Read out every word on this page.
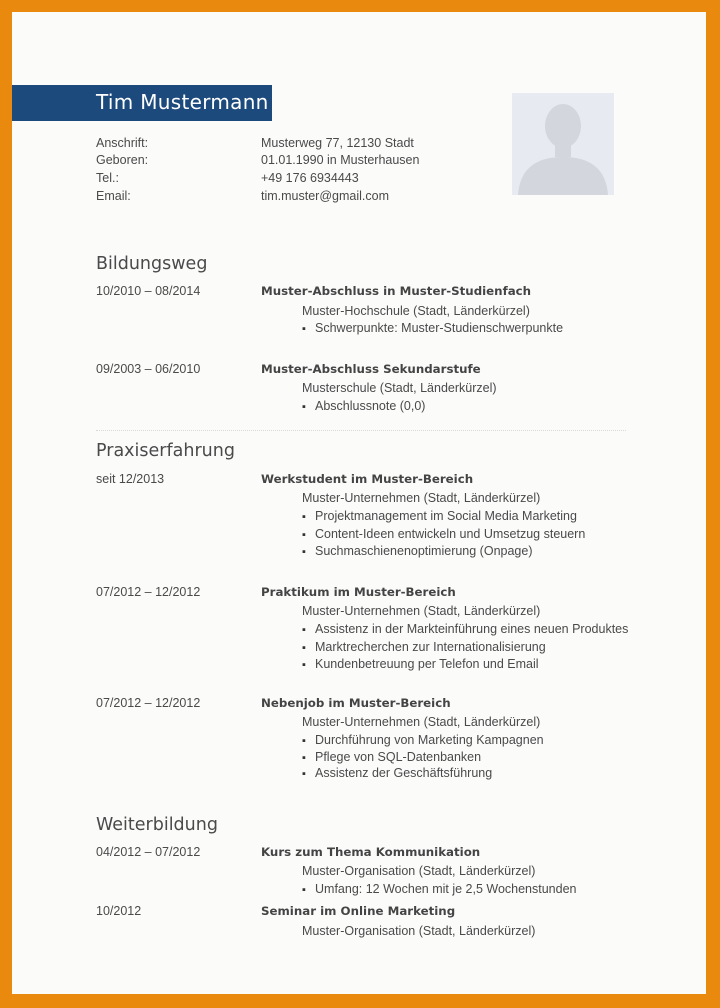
Tim Mustermann
Anschrift:	Musterweg 77, 12130 Stadt
Geboren:	01.01.1990 in Musterhausen
Tel.:	+49 176 6934443
Email:	tim.muster@gmail.com
Bildungsweg
10/2010 – 08/2014	Muster-Abschluss in Muster-Studienfach
Muster-Hochschule (Stadt, Länderkürzel)
▪ Schwerpunkte: Muster-Studienschwerpunkte
09/2003 – 06/2010	Muster-Abschluss Sekundarstufe
Musterschule (Stadt, Länderkürzel)
▪ Abschlussnote (0,0)
Praxiserfahrung
seit 12/2013	Werkstudent im Muster-Bereich
Muster-Unternehmen (Stadt, Länderkürzel)
▪ Projektmanagement im Social Media Marketing
▪ Content-Ideen entwickeln und Umsetzug steuern
▪ Suchmaschienenoptimierung (Onpage)
07/2012 – 12/2012	Praktikum im Muster-Bereich
Muster-Unternehmen (Stadt, Länderkürzel)
▪ Assistenz in der Markteinführung eines neuen Produktes
▪ Marktrecherchen zur Internationalisierung
▪ Kundenbetreuung per Telefon und Email
07/2012 – 12/2012	Nebenjob im Muster-Bereich
Muster-Unternehmen (Stadt, Länderkürzel)
▪ Durchführung von Marketing Kampagnen
▪ Pflege von SQL-Datenbanken
▪ Assistenz der Geschäftsführung
Weiterbildung
04/2012 – 07/2012	Kurs zum Thema Kommunikation
Muster-Organisation (Stadt, Länderkürzel)
▪ Umfang: 12 Wochen mit je 2,5 Wochenstunden
10/2012	Seminar im Online Marketing
Muster-Organisation (Stadt, Länderkürzel)
